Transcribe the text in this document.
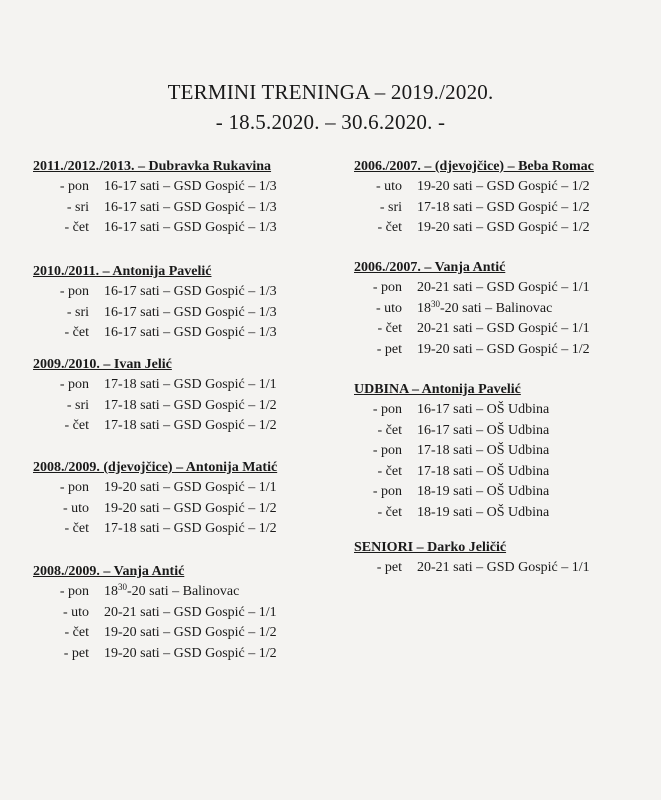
TERMINI TRENINGA – 2019./2020.
- 18.5.2020. – 30.6.2020. -
2011./2012./2013. – Dubravka Rukavina
- pon 16-17 sati – GSD Gospić – 1/3
- sri 16-17 sati – GSD Gospić – 1/3
- čet 16-17 sati – GSD Gospić – 1/3
2010./2011. – Antonija Pavelić
- pon 16-17 sati – GSD Gospić – 1/3
- sri 16-17 sati – GSD Gospić – 1/3
- čet 16-17 sati – GSD Gospić – 1/3
2009./2010. – Ivan Jelić
- pon 17-18 sati – GSD Gospić – 1/1
- sri 17-18 sati – GSD Gospić – 1/2
- čet 17-18 sati – GSD Gospić – 1/2
2008./2009. (djevojčice) – Antonija Matić
- pon 19-20 sati – GSD Gospić – 1/1
- uto 19-20 sati – GSD Gospić – 1/2
- čet 17-18 sati – GSD Gospić – 1/2
2008./2009. – Vanja Antić
- pon $18^{30}-20$ sati – Balinovac
- uto 20-21 sati – GSD Gospić – 1/1
- čet 19-20 sati – GSD Gospić – 1/2
- pet 19-20 sati – GSD Gospić – 1/2
2006./2007. – (djevojčice) – Beba Romac
- uto 19-20 sati – GSD Gospić – 1/2
- sri 17-18 sati – GSD Gospić – 1/2
- čet 19-20 sati – GSD Gospić – 1/2
2006./2007. – Vanja Antić
- pon 20-21 sati – GSD Gospić – 1/1
- uto $18^{30}-20$ sati – Balinovac
- čet 20-21 sati – GSD Gospić – 1/1
- pet 19-20 sati – GSD Gospić – 1/2
UDBINA – Antonija Pavelić
- pon 16-17 sati – OŠ Udbina
- čet 16-17 sati – OŠ Udbina
- pon 17-18 sati – OŠ Udbina
- čet 17-18 sati – OŠ Udbina
- pon 18-19 sati – OŠ Udbina
- čet 18-19 sati – OŠ Udbina
SENIORI – Darko Jeličić
- pet 20-21 sati – GSD Gospić – 1/1
